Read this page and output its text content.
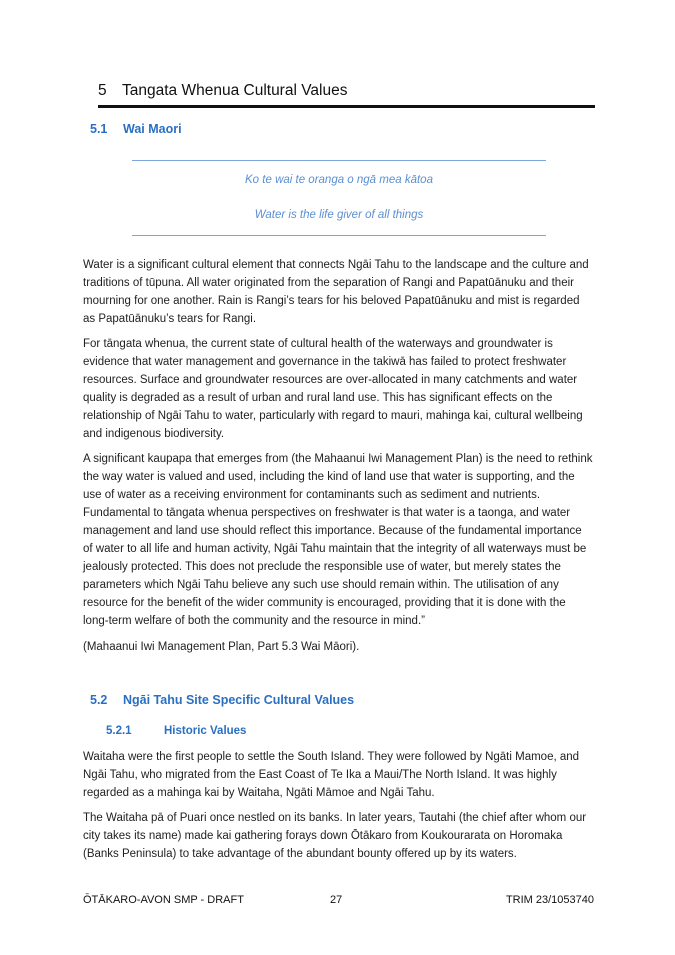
5 Tangata Whenua Cultural Values
5.1 Wai Maori
Ko te wai te oranga o ngā mea kātoa
Water is the life giver of all things

Water is a significant cultural element that connects Ngāi Tahu to the landscape and the culture and traditions of tūpuna. All water originated from the separation of Rangi and Papatūānuku and their mourning for one another. Rain is Rangi’s tears for his beloved Papatūānuku and mist is regarded as Papatūānuku’s tears for Rangi.

For tāngata whenua, the current state of cultural health of the waterways and groundwater is evidence that water management and governance in the takiwā has failed to protect freshwater resources. Surface and groundwater resources are over-allocated in many catchments and water quality is degraded as a result of urban and rural land use. This has significant effects on the relationship of Ngāi Tahu to water, particularly with regard to mauri, mahinga kai, cultural wellbeing and indigenous biodiversity.

A significant kaupapa that emerges from (the Mahaanui Iwi Management Plan) is the need to rethink the way water is valued and used, including the kind of land use that water is supporting, and the use of water as a receiving environment for contaminants such as sediment and nutrients. Fundamental to tāngata whenua perspectives on freshwater is that water is a taonga, and water management and land use should reflect this importance. Because of the fundamental importance of water to all life and human activity, Ngāi Tahu maintain that the integrity of all waterways must be jealously protected. This does not preclude the responsible use of water, but merely states the parameters which Ngāi Tahu believe any such use should remain within. The utilisation of any resource for the benefit of the wider community is encouraged, providing that it is done with the long-term welfare of both the community and the resource in mind.”

(Mahaanui Iwi Management Plan, Part 5.3 Wai Māori).

5.2 Ngāi Tahu Site Specific Cultural Values
5.2.1	Historic Values

Waitaha were the first people to settle the South Island. They were followed by Ngāti Mamoe, and Ngāi Tahu, who migrated from the East Coast of Te Ika a Maui/The North Island. It was highly regarded as a mahinga kai by Waitaha, Ngāti Māmoe and Ngāi Tahu.

The Waitaha pā of Puari once nestled on its banks. In later years, Tautahi (the chief after whom our city takes its name) made kai gathering forays down Ōtākaro from Koukourarata on Horomaka (Banks Peninsula) to take advantage of the abundant bounty offered up by its waters.

ŌTĀKARO-AVON SMP - DRAFT	27	TRIM 23/1053740
